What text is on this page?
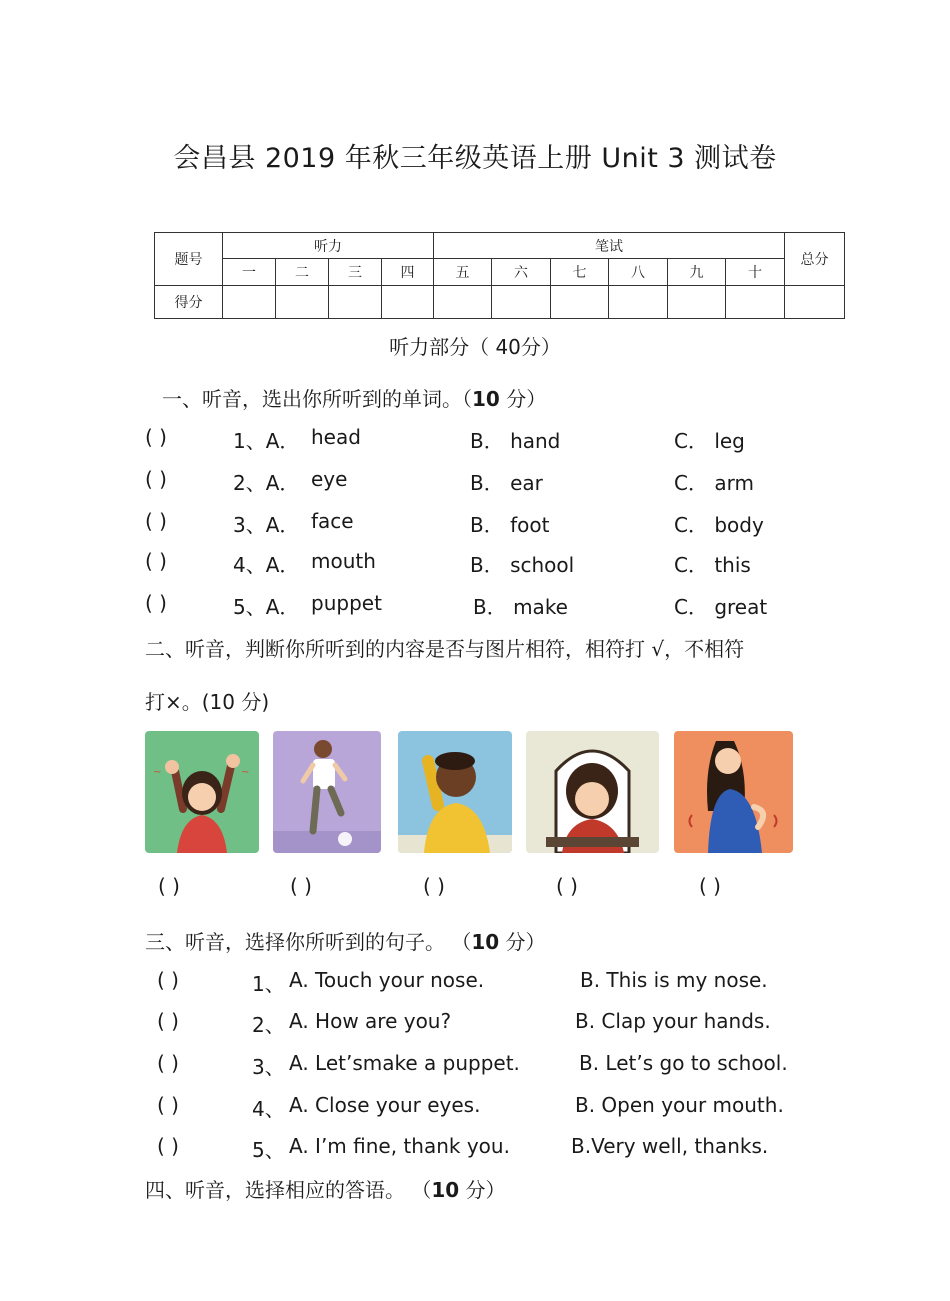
会昌县 2019 年秋三年级英语上册 Unit 3 测试卷
题号	听力				笔试						总分
	一	二	三	四	五	六	七	八	九	十	
得分											
听力部分（ 40分）
一、听音，选出你所听到的单词。（10 分）
( )	1、A． head	B． hand	C． leg
( )	2、A． eye	B． ear	C． arm
( )	3、A． face	B． foot	C． body
( )	4、A． mouth	B． school	C． this
( )	5、A． puppet	B． make	C． great
二、听音，判断你所听到的内容是否与图片相符，相符打 √，不相符
打×。(10 分)
~	~
( )	( )	( )	( )	( )
三、听音，选择你所听到的句子。 （10 分）
( )	1、 A. Touch your nose.	B. This is my nose.
( )	2、 A. How are you?	B. Clap your hands.
( )	3、 A. Let’smake a puppet.	B. Let’s go to school.
( )	4、 A. Close your eyes.	B. Open your mouth.
( )	5、 A. I’m fine, thank you.	B.Very well, thanks.
四、听音，选择相应的答语。 （10 分）
